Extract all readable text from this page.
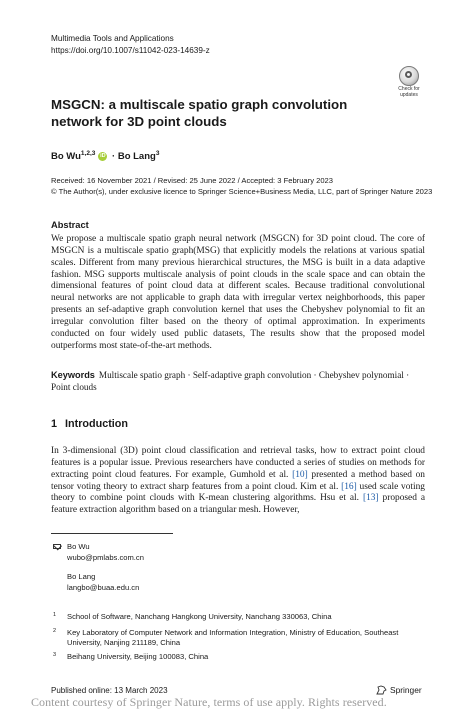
Multimedia Tools and Applications
https://doi.org/10.1007/s11042-023-14639-z
Check for
updates
MSGCN: a multiscale spatio graph convolution network for 3D point clouds
Bo Wu$^{1,2,3}$ iD · Bo Lang$^3$
Received: 16 November 2021 / Revised: 25 June 2022 / Accepted: 3 February 2023
© The Author(s), under exclusive licence to Springer Science+Business Media, LLC, part of Springer Nature 2023
Abstract
We propose a multiscale spatio graph neural network (MSGCN) for 3D point cloud. The core of MSGCN is a multiscale spatio graph(MSG) that explicitly models the relations at various spatial scales. Different from many previous hierarchical structures, the MSG is built in a data adaptive fashion. MSG supports multiscale analysis of point clouds in the scale space and can obtain the dimensional features of point cloud data at different scales. Because traditional convolutional neural networks are not applicable to graph data with irregular vertex neighborhoods, this paper presents an sef-adaptive graph convolution kernel that uses the Chebyshev polynomial to fit an irregular convolution filter based on the theory of optimal approximation. In experiments conducted on four widely used public datasets, The results show that the proposed model outperforms most state-of-the-art methods.
Keywords Multiscale spatio graph · Self-adaptive graph convolution · Chebyshev polynomial · Point clouds
1 Introduction
In 3-dimensional (3D) point cloud classification and retrieval tasks, how to extract point cloud features is a popular issue. Previous researchers have conducted a series of studies on methods for extracting point cloud features. For example, Gumhold et al. [10] presented a method based on tensor voting theory to extract sharp features from a point cloud. Kim et al. [16] used scale voting theory to combine point clouds with K-mean clustering algorithms. Hsu et al. [13] proposed a feature extraction algorithm based on a triangular mesh. However,
Bo Wu
wubo@pmlabs.com.cn
Bo Lang
langbo@buaa.edu.cn
1 School of Software, Nanchang Hangkong University, Nanchang 330063, China
2 Key Laboratory of Computer Network and Information Integration, Ministry of Education, Southeast University, Nanjing 211189, China
3 Beihang University, Beijing 100083, China
Published online: 13 March 2023	Springer
Content courtesy of Springer Nature, terms of use apply. Rights reserved.
